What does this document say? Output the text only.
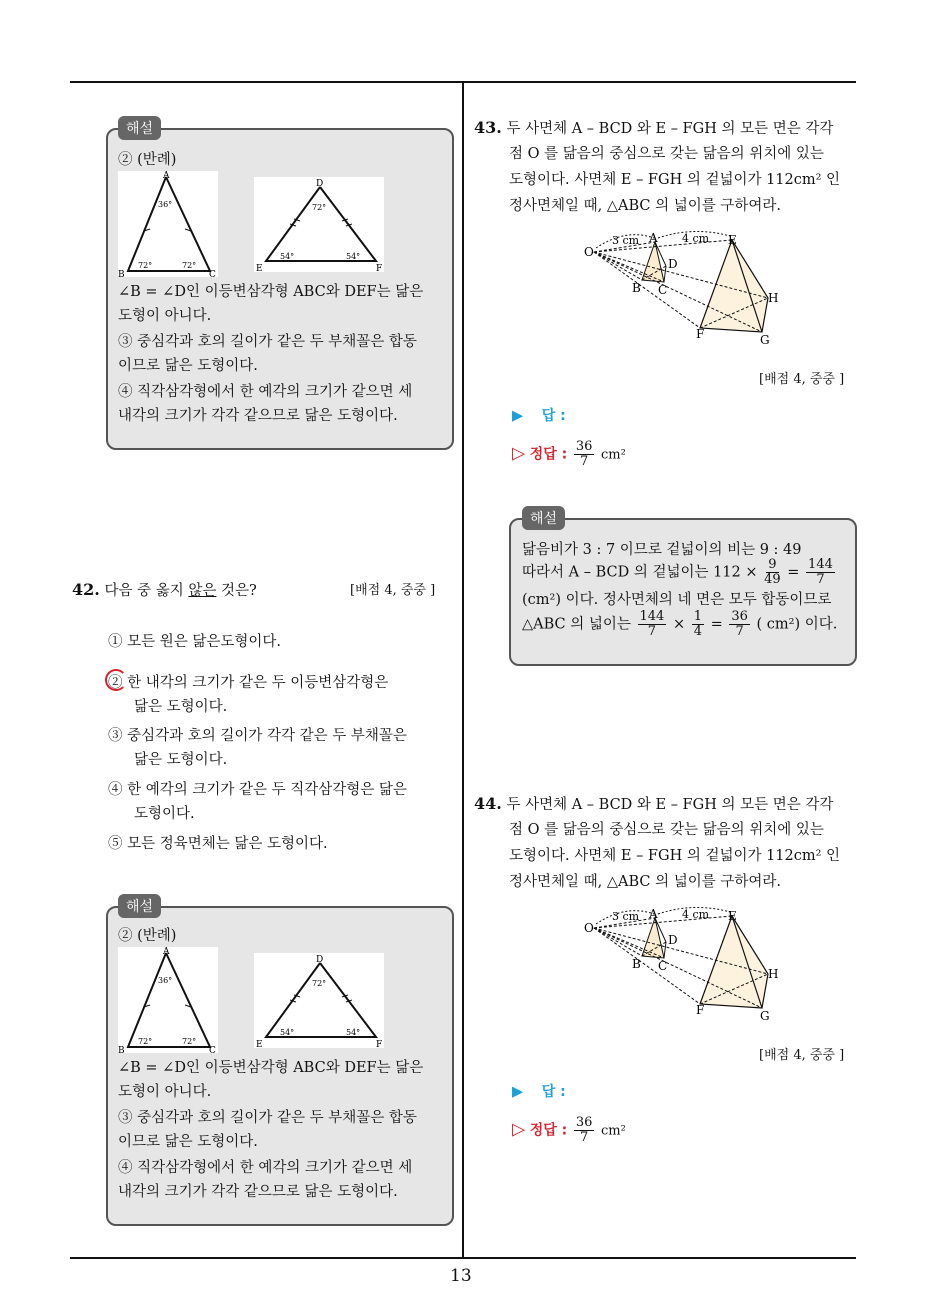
13
해설
② (반례)
A
36°
72°	72°
B	C
D
72°
54°	54°
E	F
∠B = ∠D인 이등변삼각형 ABC와 DEF는 닮은
도형이 아니다.
③ 중심각과 호의 길이가 같은 두 부채꼴은 합동
이므로 닮은 도형이다.
④ 직각삼각형에서 한 예각의 크기가 같으면 세
내각의 크기가 각각 같으므로 닮은 도형이다.
42. 다음 중 옳지 않은 것은?	[배점 4, 중중 ]
① 모든 원은 닮은도형이다.
② 한 내각의 크기가 같은 두 이등변삼각형은
닮은 도형이다.
③ 중심각과 호의 길이가 각각 같은 두 부채꼴은
닮은 도형이다.
④ 한 예각의 크기가 같은 두 직각삼각형은 닮은
도형이다.
⑤ 모든 정육면체는 닮은 도형이다.
해설
② (반례)
A
36°
72°	72°
B	C
D
72°
54°	54°
E	F
∠B = ∠D인 이등변삼각형 ABC와 DEF는 닮은
도형이 아니다.
③ 중심각과 호의 길이가 같은 두 부채꼴은 합동
이므로 닮은 도형이다.
④ 직각삼각형에서 한 예각의 크기가 같으면 세
내각의 크기가 각각 같으므로 닮은 도형이다.
43. 두 사면체 A – BCD 와 E – FGH 의 모든 면은 각각
점 O 를 닮음의 중심으로 갖는 닮음의 위치에 있는
도형이다. 사면체 E – FGH 의 겉넓이가 112cm² 인
정사면체일 때, △ABC 의 넓이를 구하여라.
O
3 cm A 4 cm E
D
B C
H
F	G
[배점 4, 중중 ]
▶ 답 :
▷ 정답 : $\frac{36}{7} cm^2$
해설
닮음비가 3 : 7 이므로 겉넓이의 비는 9 : 49
따라서 A – BCD 의 겉넓이는 $112 \times \frac{9}{49} = \frac{144}{7}$
(cm²) 이다. 정사면체의 네 면은 모두 합동이므로
△ABC 의 넓이는 $\frac{144}{7} \times \frac{1}{4} = \frac{36}{7}$ ( cm²) 이다.
44. 두 사면체 A – BCD 와 E – FGH 의 모든 면은 각각
점 O 를 닮음의 중심으로 갖는 닮음의 위치에 있는
도형이다. 사면체 E – FGH 의 겉넓이가 112cm² 인
정사면체일 때, △ABC 의 넓이를 구하여라.
O
3 cm A 4 cm E
D
B C
H
F	G
[배점 4, 중중 ]
▶ 답 :
▷ 정답 : $\frac{36}{7} cm^2$
